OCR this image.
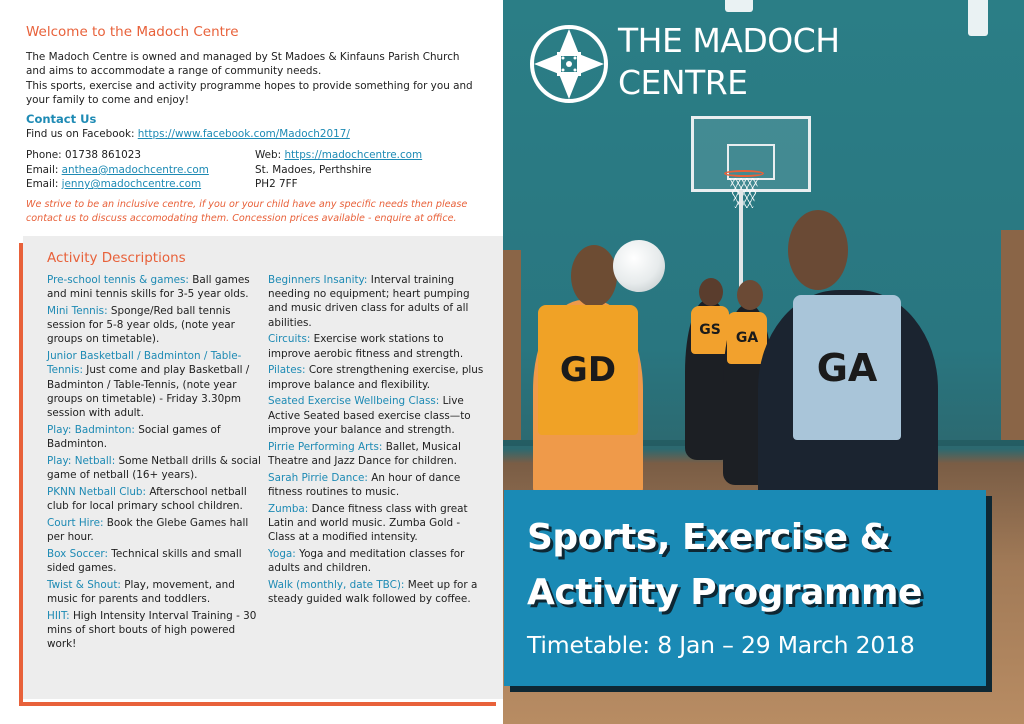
Welcome to the Madoch Centre
The Madoch Centre is owned and managed by St Madoes & Kinfauns Parish Church
and aims to accommodate a range of community needs.
This sports, exercise and activity programme hopes to provide something for you and
your family to come and enjoy!
Contact Us
Find us on Facebook: https://www.facebook.com/Madoch2017/
Phone: 01738 861023	Web: https://madochcentre.com
Email: anthea@madochcentre.com	St. Madoes, Perthshire
Email: jenny@madochcentre.com	PH2 7FF
We strive to be an inclusive centre, if you or your child have any specific needs then please
contact us to discuss accomodating them. Concession prices available - enquire at office.
Activity Descriptions
Pre-school tennis & games: Ball games and mini tennis skills for 3-5 year olds.
Mini Tennis: Sponge/Red ball tennis session for 5-8 year olds, (note year groups on timetable).
Junior Basketball / Badminton / Table-Tennis: Just come and play Basketball / Badminton / Table-Tennis, (note year groups on timetable) - Friday 3.30pm session with adult.
Play: Badminton: Social games of Badminton.
Play: Netball: Some Netball drills & social game of netball (16+ years).
PKNN Netball Club: Afterschool netball club for local primary school children.
Court Hire: Book the Glebe Games hall per hour.
Box Soccer: Technical skills and small sided games.
Twist & Shout: Play, movement, and music for parents and toddlers.
HIIT: High Intensity Interval Training - 30 mins of short bouts of high powered work!
Beginners Insanity: Interval training needing no equipment; heart pumping and music driven class for adults of all abilities.
Circuits: Exercise work stations to improve aerobic fitness and strength.
Pilates: Core strengthening exercise, plus improve balance and flexibility.
Seated Exercise Wellbeing Class: Live Active Seated based exercise class—to improve your balance and strength.
Pirrie Performing Arts: Ballet, Musical Theatre and Jazz Dance for children.
Sarah Pirrie Dance: An hour of dance fitness routines to music.
Zumba: Dance fitness class with great Latin and world music. Zumba Gold - Class at a modified intensity.
Yoga: Yoga and meditation classes for adults and children.
Walk (monthly, date TBC): Meet up for a steady guided walk followed by coffee.
GS	GA
GD	GA
THE MADOCH
CENTRE
Sports, Exercise &
Activity Programme
Timetable: 8 Jan – 29 March 2018
